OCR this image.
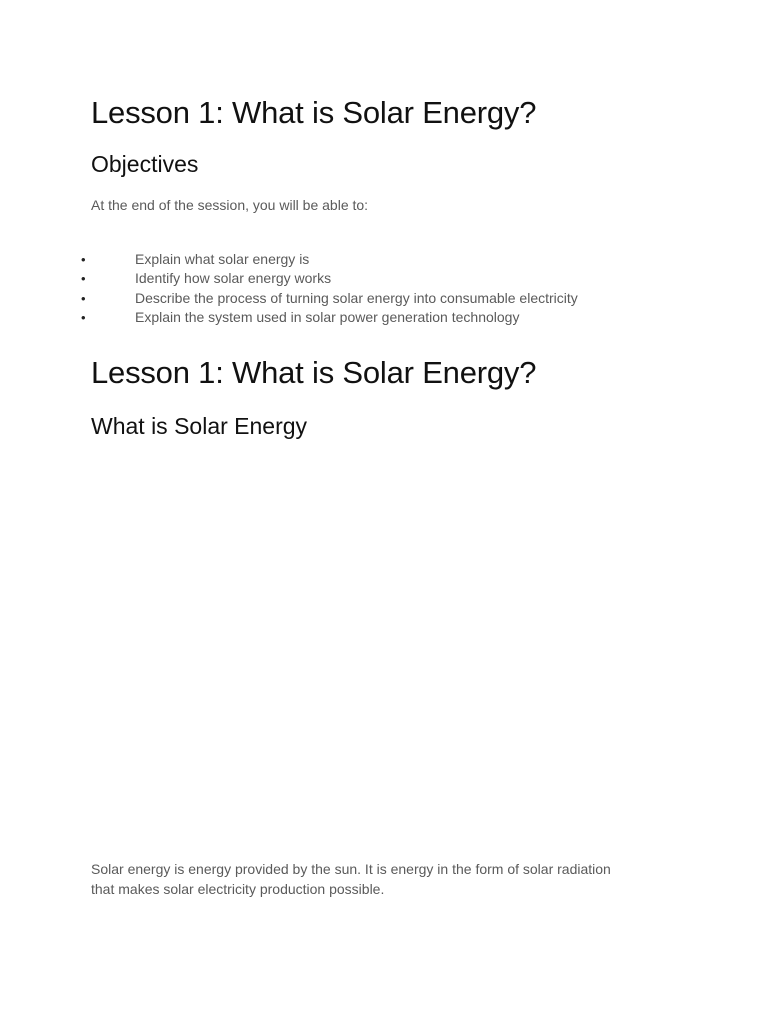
Lesson 1: What is Solar Energy?
Objectives
At the end of the session, you will be able to:
•	Explain what solar energy is
•	Identify how solar energy works
•	Describe the process of turning solar energy into consumable electricity
•	Explain the system used in solar power generation technology
Lesson 1: What is Solar Energy?
What is Solar Energy
Solar energy is energy provided by the sun. It is energy in the form of solar radiation
that makes solar electricity production possible.
